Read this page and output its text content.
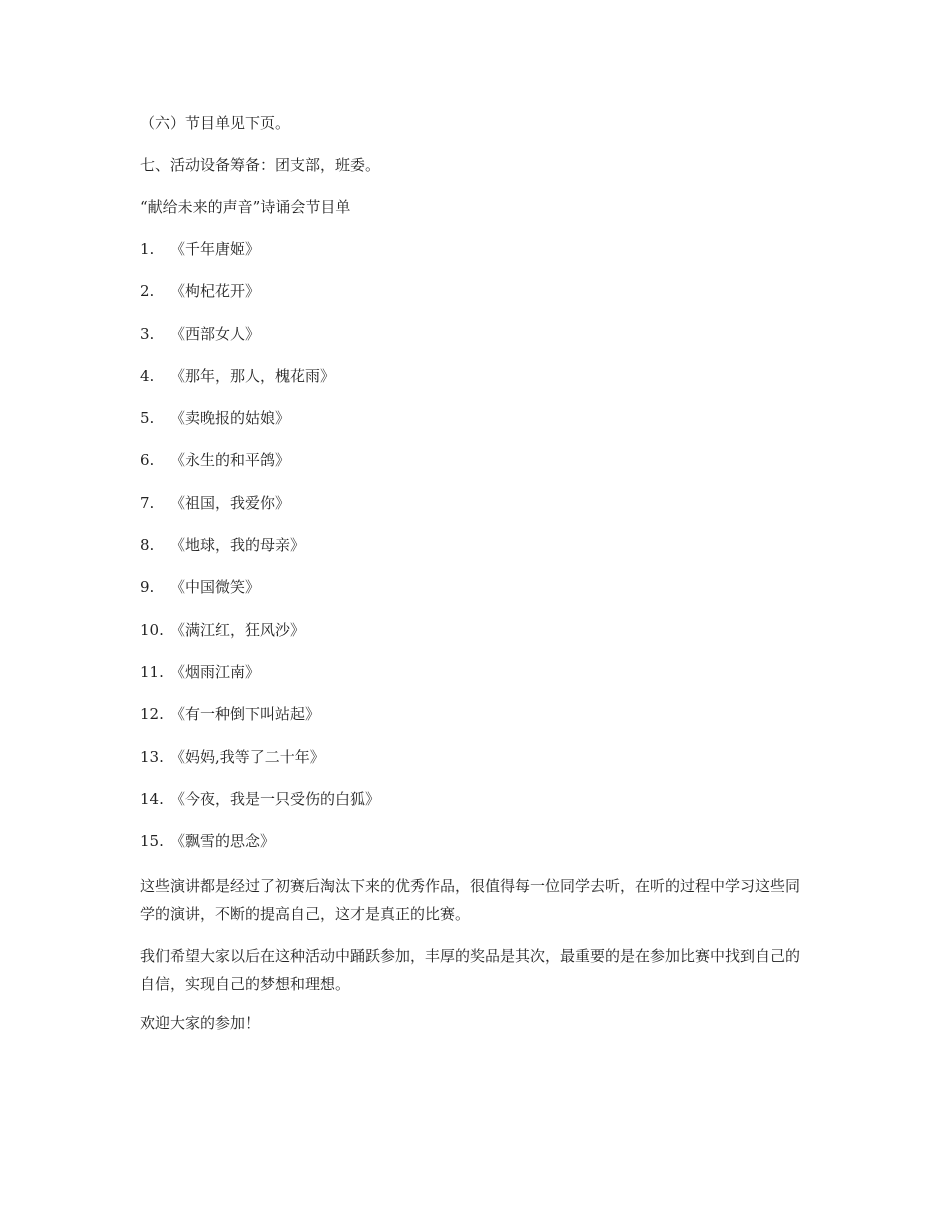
（六）节目单见下页。

七、活动设备筹备：团支部，班委。

“献给未来的声音”诗诵会节目单

1. 《千年唐姬》
2. 《枸杞花开》
3. 《西部女人》
4. 《那年，那人，槐花雨》
5. 《卖晚报的姑娘》
6. 《永生的和平鸽》
7. 《祖国，我爱你》
8. 《地球，我的母亲》
9. 《中国微笑》
10. 《满江红，狂风沙》
11. 《烟雨江南》
12. 《有一种倒下叫站起》
13. 《妈妈,我等了二十年》
14. 《今夜，我是一只受伤的白狐》
15. 《飘雪的思念》

这些演讲都是经过了初赛后淘汰下来的优秀作品，很值得每一位同学去听，在听的过程中学习这些同学的演讲，不断的提高自己，这才是真正的比赛。

我们希望大家以后在这种活动中踊跃参加，丰厚的奖品是其次，最重要的是在参加比赛中找到自己的自信，实现自己的梦想和理想。

欢迎大家的参加！
